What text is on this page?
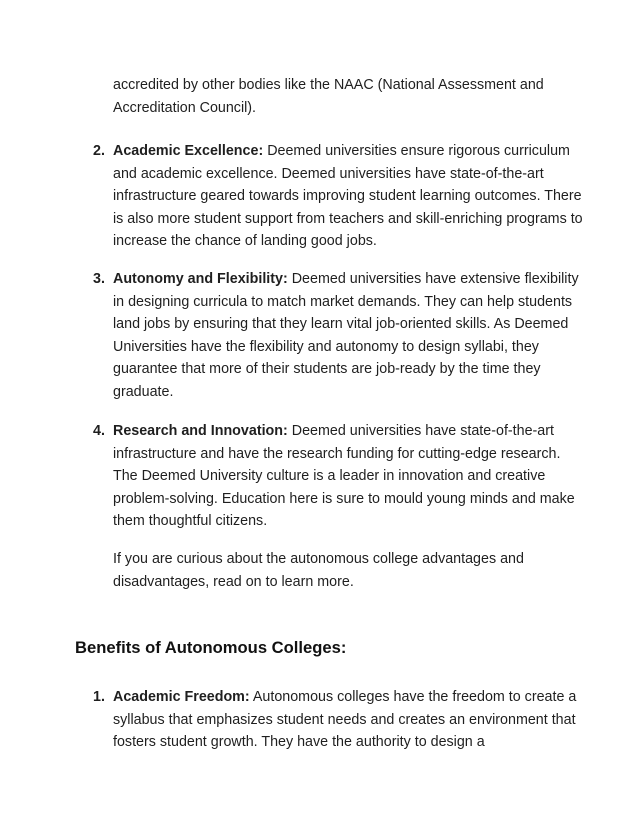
accredited by other bodies like the NAAC (National Assessment and Accreditation Council).
2. Academic Excellence: Deemed universities ensure rigorous curriculum and academic excellence. Deemed universities have state-of-the-art infrastructure geared towards improving student learning outcomes. There is also more student support from teachers and skill-enriching programs to increase the chance of landing good jobs.
3. Autonomy and Flexibility: Deemed universities have extensive flexibility in designing curricula to match market demands. They can help students land jobs by ensuring that they learn vital job-oriented skills. As Deemed Universities have the flexibility and autonomy to design syllabi, they guarantee that more of their students are job-ready by the time they graduate.
4. Research and Innovation: Deemed universities have state-of-the-art infrastructure and have the research funding for cutting-edge research. The Deemed University culture is a leader in innovation and creative problem-solving. Education here is sure to mould young minds and make them thoughtful citizens.
If you are curious about the autonomous college advantages and disadvantages, read on to learn more.
Benefits of Autonomous Colleges:
1. Academic Freedom: Autonomous colleges have the freedom to create a syllabus that emphasizes student needs and creates an environment that fosters student growth. They have the authority to design a
